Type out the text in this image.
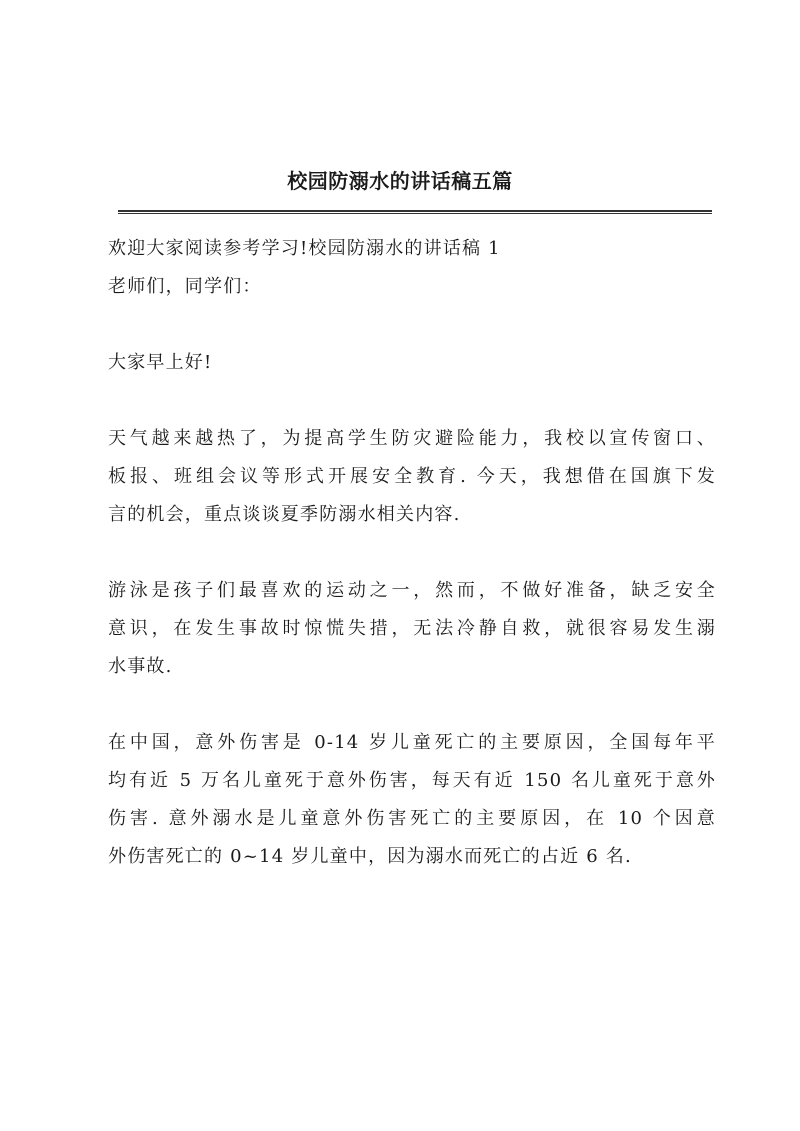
校园防溺水的讲话稿五篇
欢迎大家阅读参考学习!校园防溺水的讲话稿 1
老师们，同学们：
大家早上好!
天气越来越热了，为提高学生防灾避险能力，我校以宣传窗口、
板报、班组会议等形式开展安全教育. 今天，我想借在国旗下发
言的机会，重点谈谈夏季防溺水相关内容.
游泳是孩子们最喜欢的运动之一，然而，不做好准备，缺乏安全
意识，在发生事故时惊慌失措，无法冷静自救，就很容易发生溺
水事故.
在中国，意外伤害是 0-14 岁儿童死亡的主要原因，全国每年平
均有近 5 万名儿童死于意外伤害，每天有近 150 名儿童死于意外
伤害. 意外溺水是儿童意外伤害死亡的主要原因，在 10 个因意
外伤害死亡的 0~14 岁儿童中，因为溺水而死亡的占近 6 名.
